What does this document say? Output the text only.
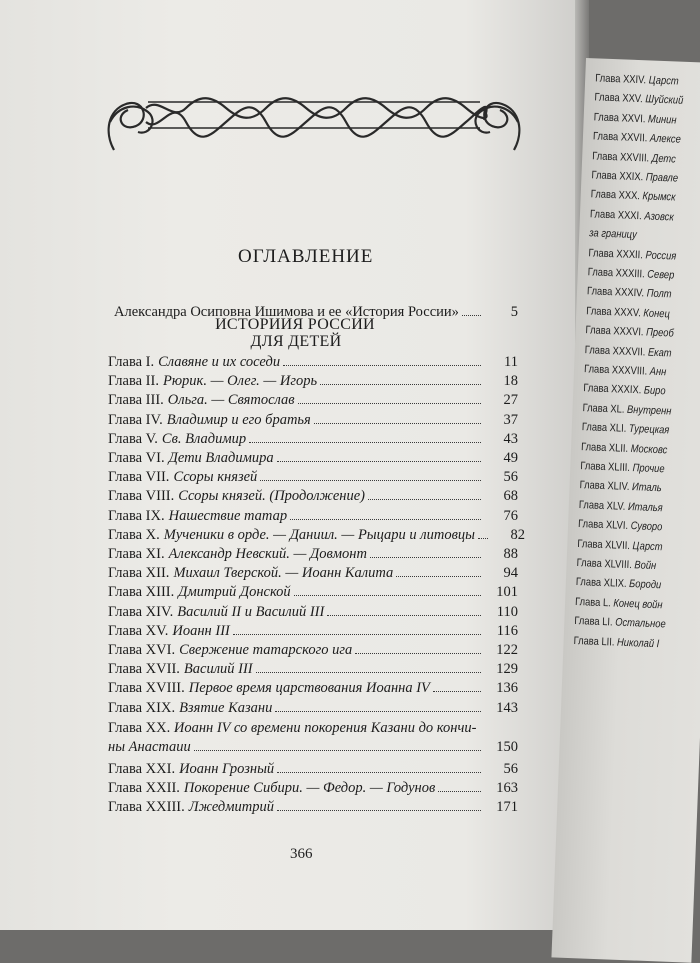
ОГЛАВЛЕНИЕ
Александра Осиповна Ишимова и ее «История России»	5
ИСТОРИИЯ РОССИИ
ДЛЯ ДЕТЕЙ
Глава I. Славяне и их соседи	11
Глава II. Рюрик. — Олег. — Игорь	18
Глава III. Ольга. — Святослав	27
Глава IV. Владимир и его братья	37
Глава V. Св. Владимир	43
Глава VI. Дети Владимира	49
Глава VII. Ссоры князей	56
Глава VIII. Ссоры князей. (Продолжение)	68
Глава IX. Нашествие татар	76
Глава X. Мученики в орде. — Даниил. — Рыцари и литовцы	82
Глава XI. Александр Невский. — Довмонт	88
Глава XII. Михаил Тверской. — Иоанн Калита	94
Глава XIII. Дмитрий Донской	101
Глава XIV. Василий II и Василий III	110
Глава XV. Иоанн III	116
Глава XVI. Свержение татарского ига	122
Глава XVII. Василий III	129
Глава XVIII. Первое время царствования Иоанна IV	136
Глава XIX. Взятие Казани	143
Глава XX. Иоанн IV со времени покорения Казани до кончи-
ны Анастаии	150
Глава XXI. Иоанн Грозный	56
Глава XXII. Покорение Сибири. — Федор. — Годунов	163
Глава XXIII. Лжедмитрий	171
366
Глава XXIV. Царст
Глава XXV. Шуйский
Глава XXVI. Минин
Глава XXVII. Алексе
Глава XXVIII. Детс
Глава XXIX. Правле
Глава XXX. Крымск
Глава XXXI. Азовск
за границу
Глава XXXII. Россия
Глава XXXIII. Север
Глава XXXIV. Полт
Глава XXXV. Конец
Глава XXXVI. Преоб
Глава XXXVII. Екат
Глава XXXVIII. Анн
Глава XXXIX. Биро
Глава XL. Внутренн
Глава XLI. Турецкая
Глава XLII. Московс
Глава XLIII. Прочие
Глава XLIV. Италь
Глава XLV. Италья
Глава XLVI. Суворо
Глава XLVII. Царст
Глава XLVIII. Войн
Глава XLIX. Бороди
Глава L. Конец войн
Глава LI. Остальное
Глава LII. Николай I
